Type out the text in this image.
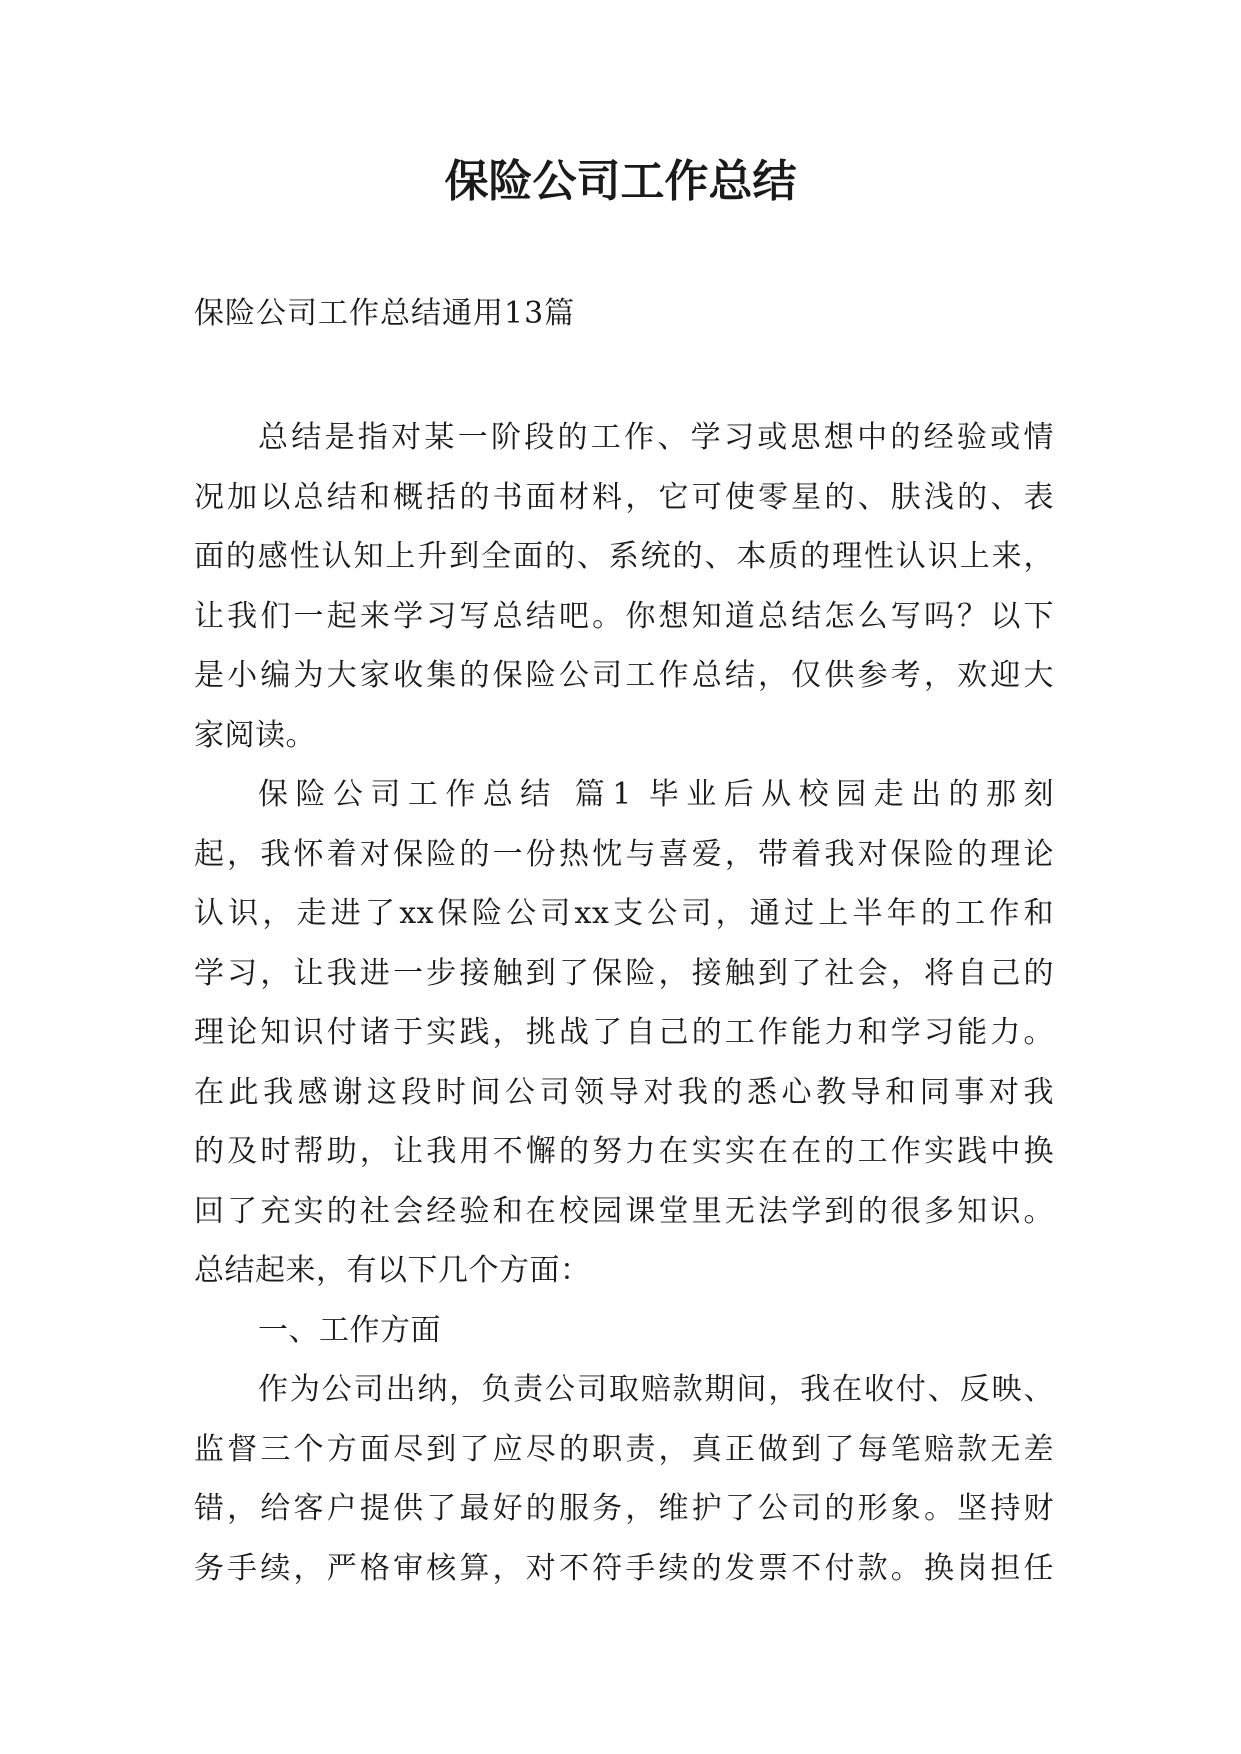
保险公司工作总结

保险公司工作总结通用13篇

总结是指对某一阶段的工作、学习或思想中的经验或情
况加以总结和概括的书面材料，它可使零星的、肤浅的、表
面的感性认知上升到全面的、系统的、本质的理性认识上来，
让我们一起来学习写总结吧。你想知道总结怎么写吗？以下
是小编为大家收集的保险公司工作总结，仅供参考，欢迎大
家阅读。
保险公司工作总结 篇1 毕业后从校园走出的那刻
起，我怀着对保险的一份热忱与喜爱，带着我对保险的理论
认识，走进了xx保险公司xx支公司，通过上半年的工作和
学习，让我进一步接触到了保险，接触到了社会，将自己的
理论知识付诸于实践，挑战了自己的工作能力和学习能力。
在此我感谢这段时间公司领导对我的悉心教导和同事对我
的及时帮助，让我用不懈的努力在实实在在的工作实践中换
回了充实的社会经验和在校园课堂里无法学到的很多知识。
总结起来，有以下几个方面：
一、工作方面
作为公司出纳，负责公司取赔款期间，我在收付、反映、
监督三个方面尽到了应尽的职责，真正做到了每笔赔款无差
错，给客户提供了最好的服务，维护了公司的形象。坚持财
务手续，严格审核算，对不符手续的发票不付款。换岗担任
